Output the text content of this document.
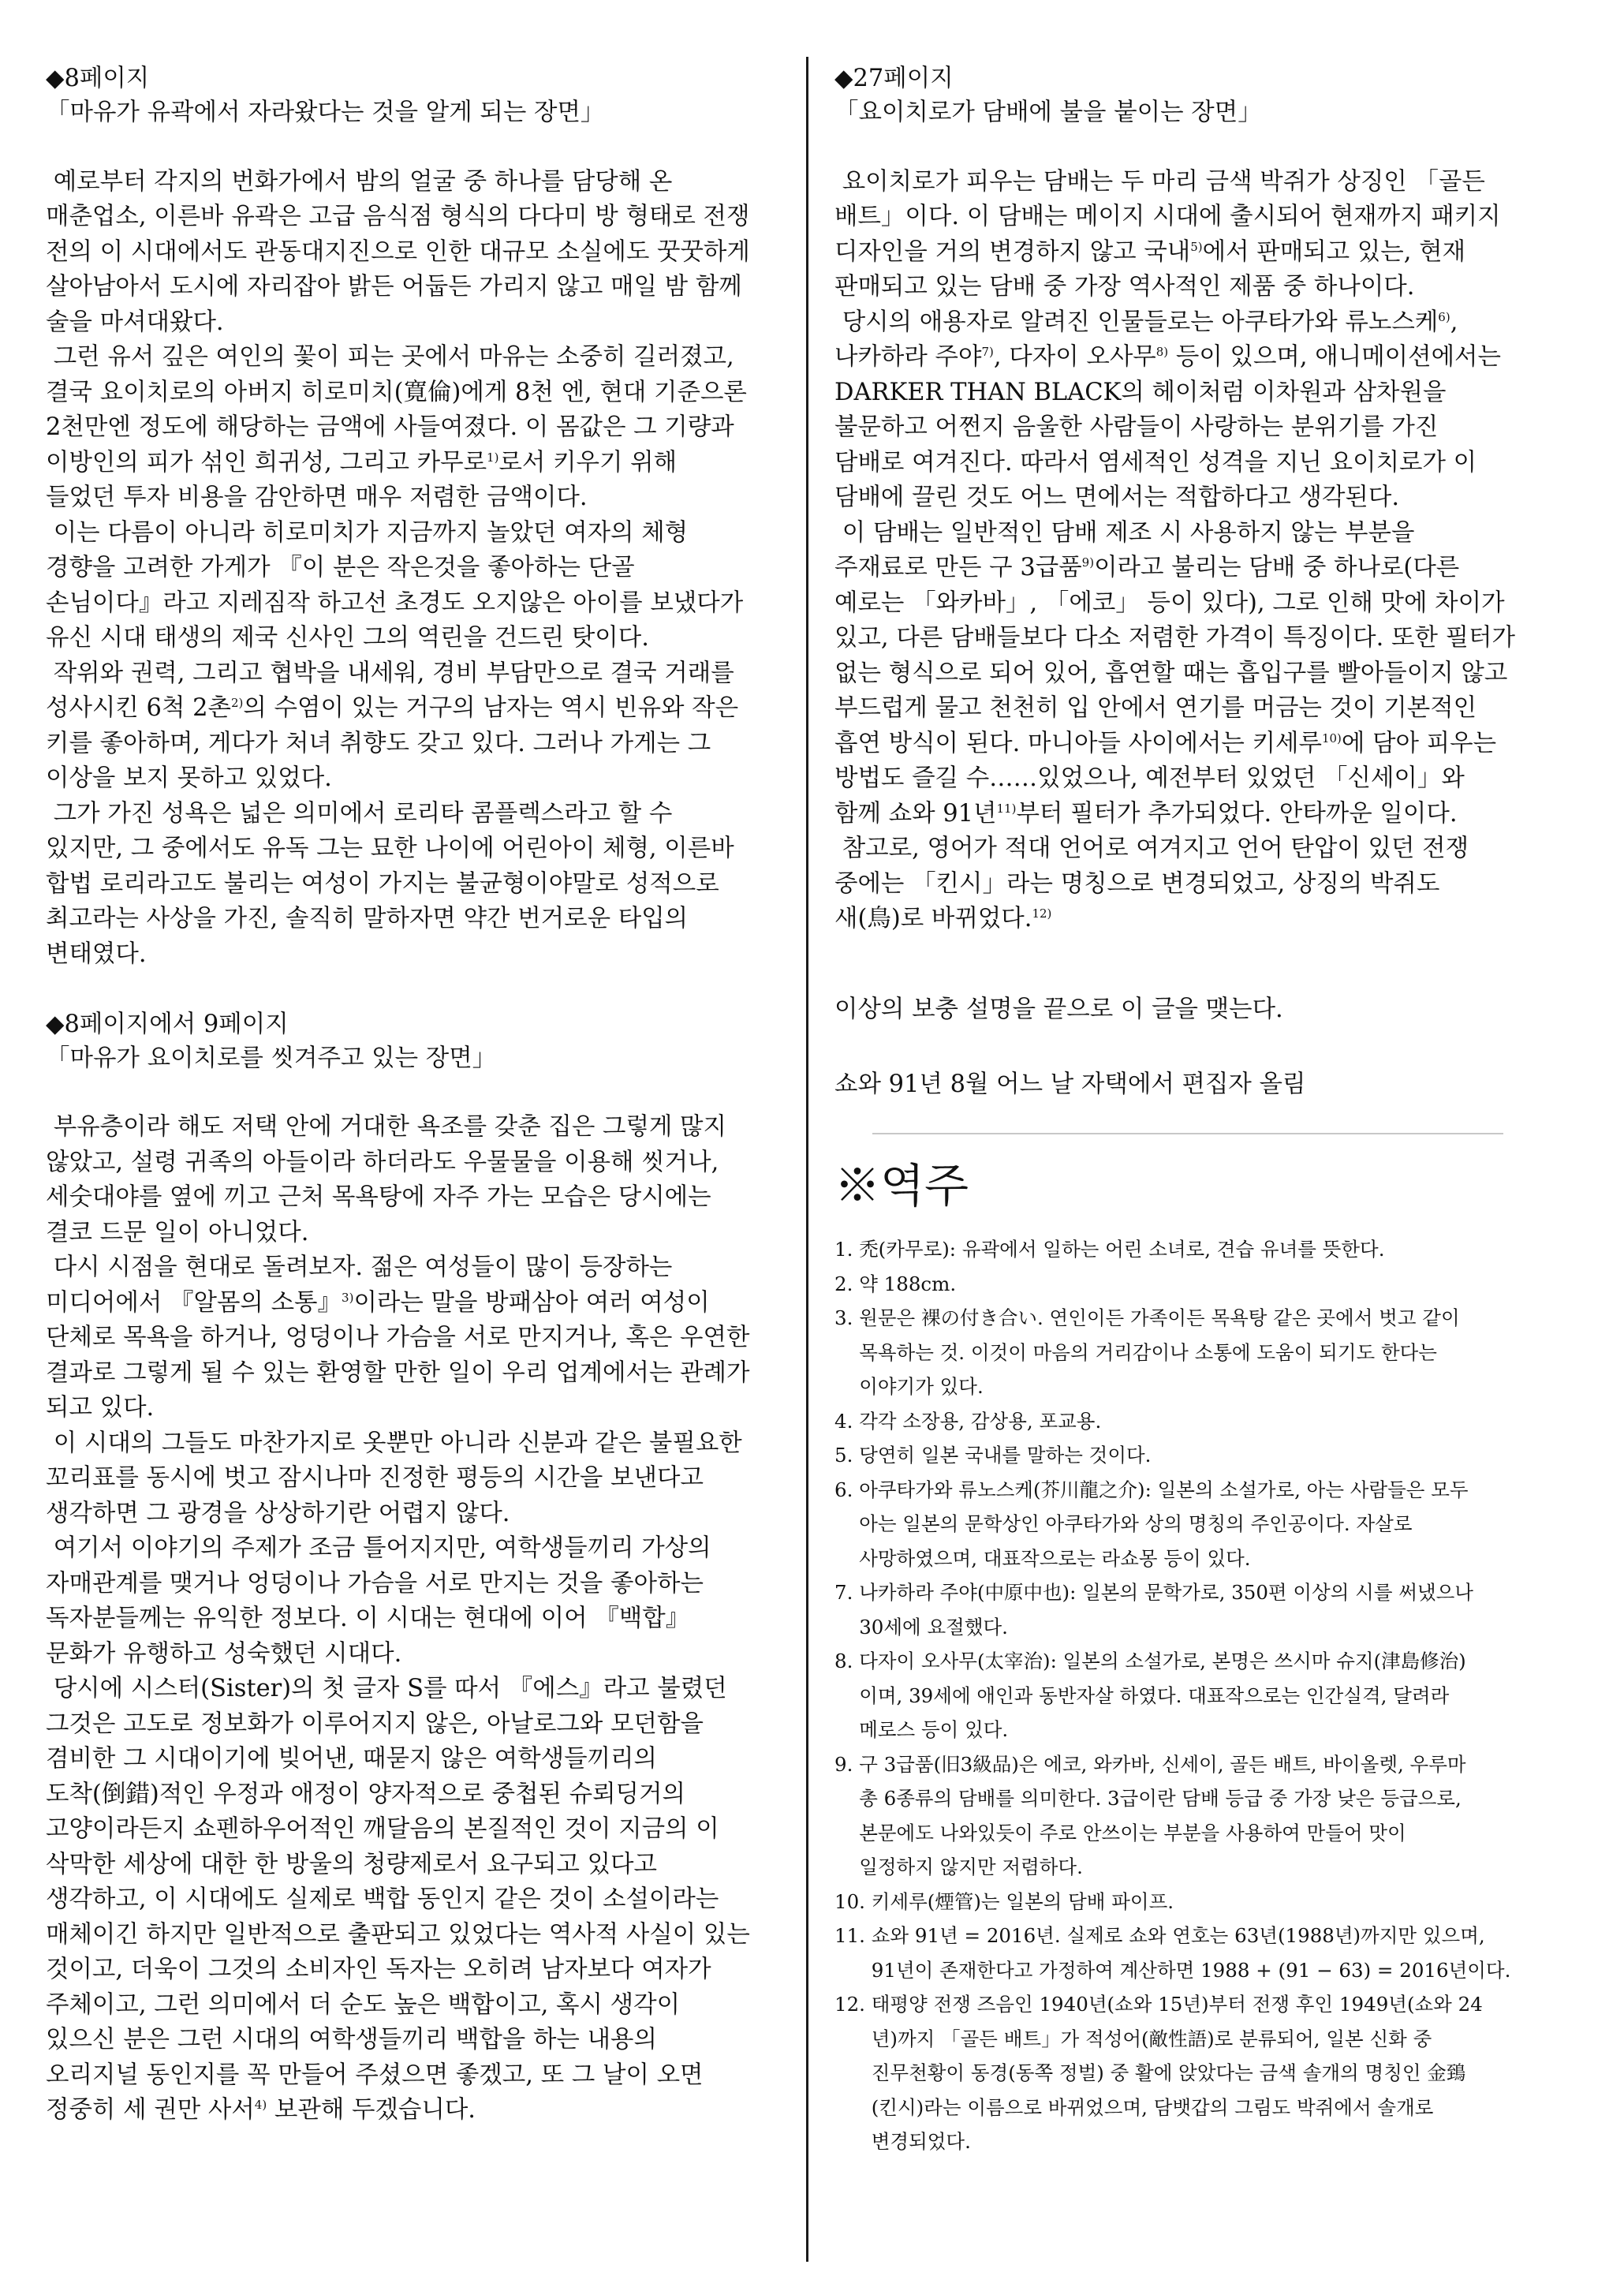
◆8페이지

「마유가 유곽에서 자라왔다는 것을 알게 되는 장면」

예로부터 각지의 번화가에서 밤의 얼굴 중 하나를 담당해 온

매춘업소, 이른바 유곽은 고급 음식점 형식의 다다미 방 형태로 전쟁

전의 이 시대에서도 관동대지진으로 인한 대규모 소실에도 꿋꿋하게

살아남아서 도시에 자리잡아 밝든 어둡든 가리지 않고 매일 밤 함께

술을 마셔대왔다.

그런 유서 깊은 여인의 꽃이 피는 곳에서 마유는 소중히 길러졌고,

결국 요이치로의 아버지 히로미치(寛倫)에게 8천 엔, 현대 기준으론

2천만엔 정도에 해당하는 금액에 사들여졌다. 이 몸값은 그 기량과

이방인의 피가 섞인 희귀성, 그리고 카무로$^{1)}$로서 키우기 위해

들었던 투자 비용을 감안하면 매우 저렴한 금액이다.

이는 다름이 아니라 히로미치가 지금까지 놀았던 여자의 체형

경향을 고려한 가게가 『이 분은 작은것을 좋아하는 단골

손님이다』라고 지레짐작 하고선 초경도 오지않은 아이를 보냈다가

유신 시대 태생의 제국 신사인 그의 역린을 건드린 탓이다.

작위와 권력, 그리고 협박을 내세워, 경비 부담만으로 결국 거래를

성사시킨 6척 2촌$^{2)}$의 수염이 있는 거구의 남자는 역시 빈유와 작은

키를 좋아하며, 게다가 처녀 취향도 갖고 있다. 그러나 가게는 그

이상을 보지 못하고 있었다.

그가 가진 성욕은 넓은 의미에서 로리타 콤플렉스라고 할 수

있지만, 그 중에서도 유독 그는 묘한 나이에 어린아이 체형, 이른바

합법 로리라고도 불리는 여성이 가지는 불균형이야말로 성적으로

최고라는 사상을 가진, 솔직히 말하자면 약간 번거로운 타입의

변태였다.

◆8페이지에서 9페이지

「마유가 요이치로를 씻겨주고 있는 장면」

부유층이라 해도 저택 안에 거대한 욕조를 갖춘 집은 그렇게 많지

않았고, 설령 귀족의 아들이라 하더라도 우물물을 이용해 씻거나,

세숫대야를 옆에 끼고 근처 목욕탕에 자주 가는 모습은 당시에는

결코 드문 일이 아니었다.

다시 시점을 현대로 돌려보자. 젊은 여성들이 많이 등장하는

미디어에서 『알몸의 소통』$^{3)}$이라는 말을 방패삼아 여러 여성이

단체로 목욕을 하거나, 엉덩이나 가슴을 서로 만지거나, 혹은 우연한

결과로 그렇게 될 수 있는 환영할 만한 일이 우리 업계에서는 관례가

되고 있다.

이 시대의 그들도 마찬가지로 옷뿐만 아니라 신분과 같은 불필요한

꼬리표를 동시에 벗고 잠시나마 진정한 평등의 시간을 보낸다고

생각하면 그 광경을 상상하기란 어렵지 않다.

여기서 이야기의 주제가 조금 틀어지지만, 여학생들끼리 가상의

자매관계를 맺거나 엉덩이나 가슴을 서로 만지는 것을 좋아하는

독자분들께는 유익한 정보다. 이 시대는 현대에 이어 『백합』

문화가 유행하고 성숙했던 시대다.

당시에 시스터(Sister)의 첫 글자 S를 따서 『에스』라고 불렸던

그것은 고도로 정보화가 이루어지지 않은, 아날로그와 모던함을

겸비한 그 시대이기에 빚어낸, 때묻지 않은 여학생들끼리의

도착(倒錯)적인 우정과 애정이 양자적으로 중첩된 슈뢰딩거의

고양이라든지 쇼펜하우어적인 깨달음의 본질적인 것이 지금의 이

삭막한 세상에 대한 한 방울의 청량제로서 요구되고 있다고

생각하고, 이 시대에도 실제로 백합 동인지 같은 것이 소설이라는

매체이긴 하지만 일반적으로 출판되고 있었다는 역사적 사실이 있는

것이고, 더욱이 그것의 소비자인 독자는 오히려 남자보다 여자가

주체이고, 그런 의미에서 더 순도 높은 백합이고, 혹시 생각이

있으신 분은 그런 시대의 여학생들끼리 백합을 하는 내용의

오리지널 동인지를 꼭 만들어 주셨으면 좋겠고, 또 그 날이 오면

정중히 세 권만 사서$^{4)}$ 보관해 두겠습니다.

◆27페이지

「요이치로가 담배에 불을 붙이는 장면」

요이치로가 피우는 담배는 두 마리 금색 박쥐가 상징인 「골든

배트」이다. 이 담배는 메이지 시대에 출시되어 현재까지 패키지

디자인을 거의 변경하지 않고 국내$^{5)}$에서 판매되고 있는, 현재

판매되고 있는 담배 중 가장 역사적인 제품 중 하나이다.

당시의 애용자로 알려진 인물들로는 아쿠타가와 류노스케$^{6)}$,

나카하라 주야$^{7)}$, 다자이 오사무$^{8)}$ 등이 있으며, 애니메이션에서는

DARKER THAN BLACK의 헤이처럼 이차원과 삼차원을

불문하고 어쩐지 음울한 사람들이 사랑하는 분위기를 가진

담배로 여겨진다. 따라서 염세적인 성격을 지닌 요이치로가 이

담배에 끌린 것도 어느 면에서는 적합하다고 생각된다.

이 담배는 일반적인 담배 제조 시 사용하지 않는 부분을

주재료로 만든 구 3급품$^{9)}$이라고 불리는 담배 중 하나로(다른

예로는 「와카바」, 「에코」 등이 있다), 그로 인해 맛에 차이가

있고, 다른 담배들보다 다소 저렴한 가격이 특징이다. 또한 필터가

없는 형식으로 되어 있어, 흡연할 때는 흡입구를 빨아들이지 않고

부드럽게 물고 천천히 입 안에서 연기를 머금는 것이 기본적인

흡연 방식이 된다. 마니아들 사이에서는 키세루$^{10)}$에 담아 피우는

방법도 즐길 수……있었으나, 예전부터 있었던 「신세이」와

함께 쇼와 91년$^{11)}$부터 필터가 추가되었다. 안타까운 일이다.

참고로, 영어가 적대 언어로 여겨지고 언어 탄압이 있던 전쟁

중에는 「킨시」라는 명칭으로 변경되었고, 상징의 박쥐도

새(鳥)로 바뀌었다.$^{12)}$

이상의 보충 설명을 끝으로 이 글을 맺는다.

쇼와 91년 8월 어느 날 자택에서 편집자 올림

※역주
1.
禿(카무로): 유곽에서 일하는 어린 소녀로, 견습 유녀를 뜻한다.
2.
약 188cm.
3.
원문은 裸の付き合い. 연인이든 가족이든 목욕탕 같은 곳에서 벗고 같이
목욕하는 것. 이것이 마음의 거리감이나 소통에 도움이 되기도 한다는
이야기가 있다.
4.
각각 소장용, 감상용, 포교용.
5.
당연히 일본 국내를 말하는 것이다.
6.
아쿠타가와 류노스케(芥川龍之介): 일본의 소설가로, 아는 사람들은 모두
아는 일본의 문학상인 아쿠타가와 상의 명칭의 주인공이다. 자살로
사망하였으며, 대표작으로는 라쇼몽 등이 있다.
7.
나카하라 주야(中原中也): 일본의 문학가로, 350편 이상의 시를 써냈으나
30세에 요절했다.
8.
다자이 오사무(太宰治): 일본의 소설가로, 본명은 쓰시마 슈지(津島修治)
이며, 39세에 애인과 동반자살 하였다. 대표작으로는 인간실격, 달려라
메로스 등이 있다.
9.
구 3급품(旧3級品)은 에코, 와카바, 신세이, 골든 배트, 바이올렛, 우루마
총 6종류의 담배를 의미한다. 3급이란 담배 등급 중 가장 낮은 등급으로,
본문에도 나와있듯이 주로 안쓰이는 부분을 사용하여 만들어 맛이
일정하지 않지만 저렴하다.
10.
키세루(煙管)는 일본의 담배 파이프.
11.
쇼와 91년 = 2016년. 실제로 쇼와 연호는 63년(1988년)까지만 있으며,
91년이 존재한다고 가정하여 계산하면 1988 + (91 − 63) = 2016년이다.
12.
태평양 전쟁 즈음인 1940년(쇼와 15년)부터 전쟁 후인 1949년(쇼와 24
년)까지 「골든 배트」가 적성어(敵性語)로 분류되어, 일본 신화 중
진무천황이 동경(동쪽 정벌) 중 활에 앉았다는 금색 솔개의 명칭인 金鵄
(킨시)라는 이름으로 바뀌었으며, 담뱃갑의 그림도 박쥐에서 솔개로
변경되었다.
